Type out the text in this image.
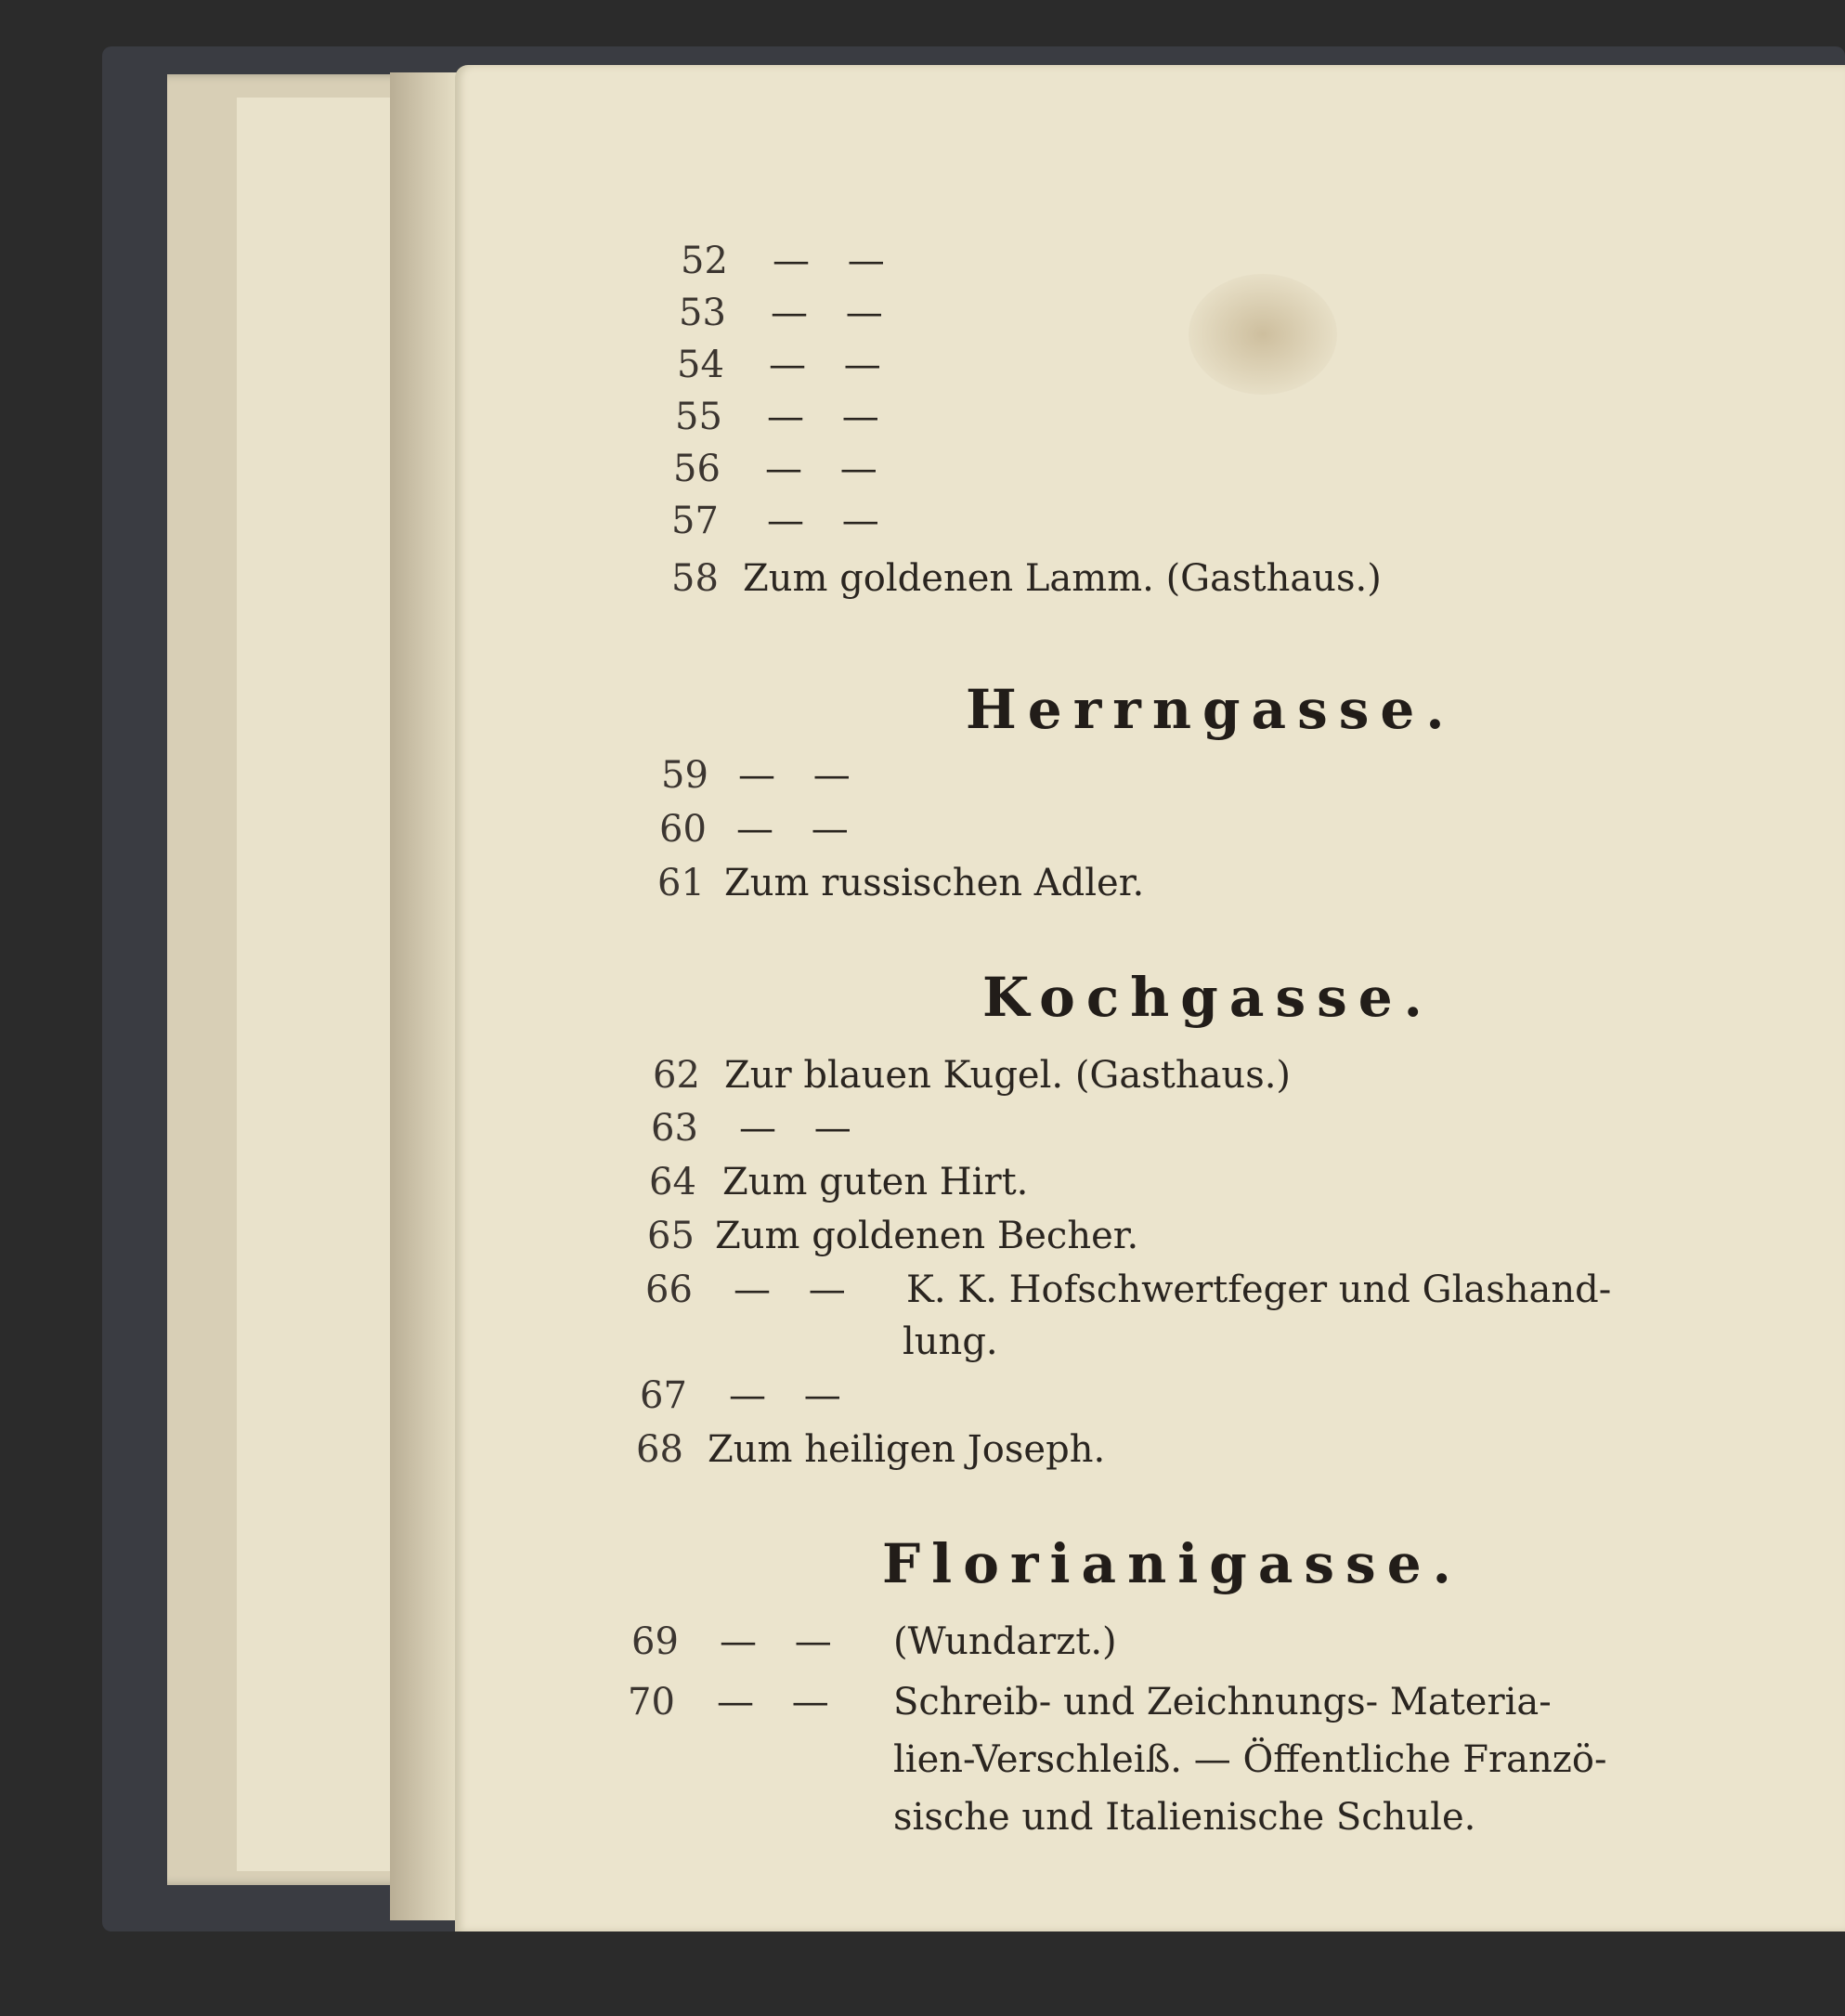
52 — —
53 — —
54 — —
55 — —
56 — —
57 — —
58 Zum goldenen Lamm. (Gasthaus.)
Herrngasse.
59 — —
60 — —
61 Zum russischen Adler.
Kochgasse.
62 Zur blauen Kugel. (Gasthaus.)
63 — —
64 Zum guten Hirt.
65 Zum goldenen Becher.
66 — — K. K. Hofschwertfeger und Glashand-
lung.
67 — —
68 Zum heiligen Joseph.
Florianigasse.
69 — — (Wundarzt.)
70 — — Schreib- und Zeichnungs- Materia-
lien-Verschleiß. — Öffentliche Franzö-
sische und Italienische Schule.
